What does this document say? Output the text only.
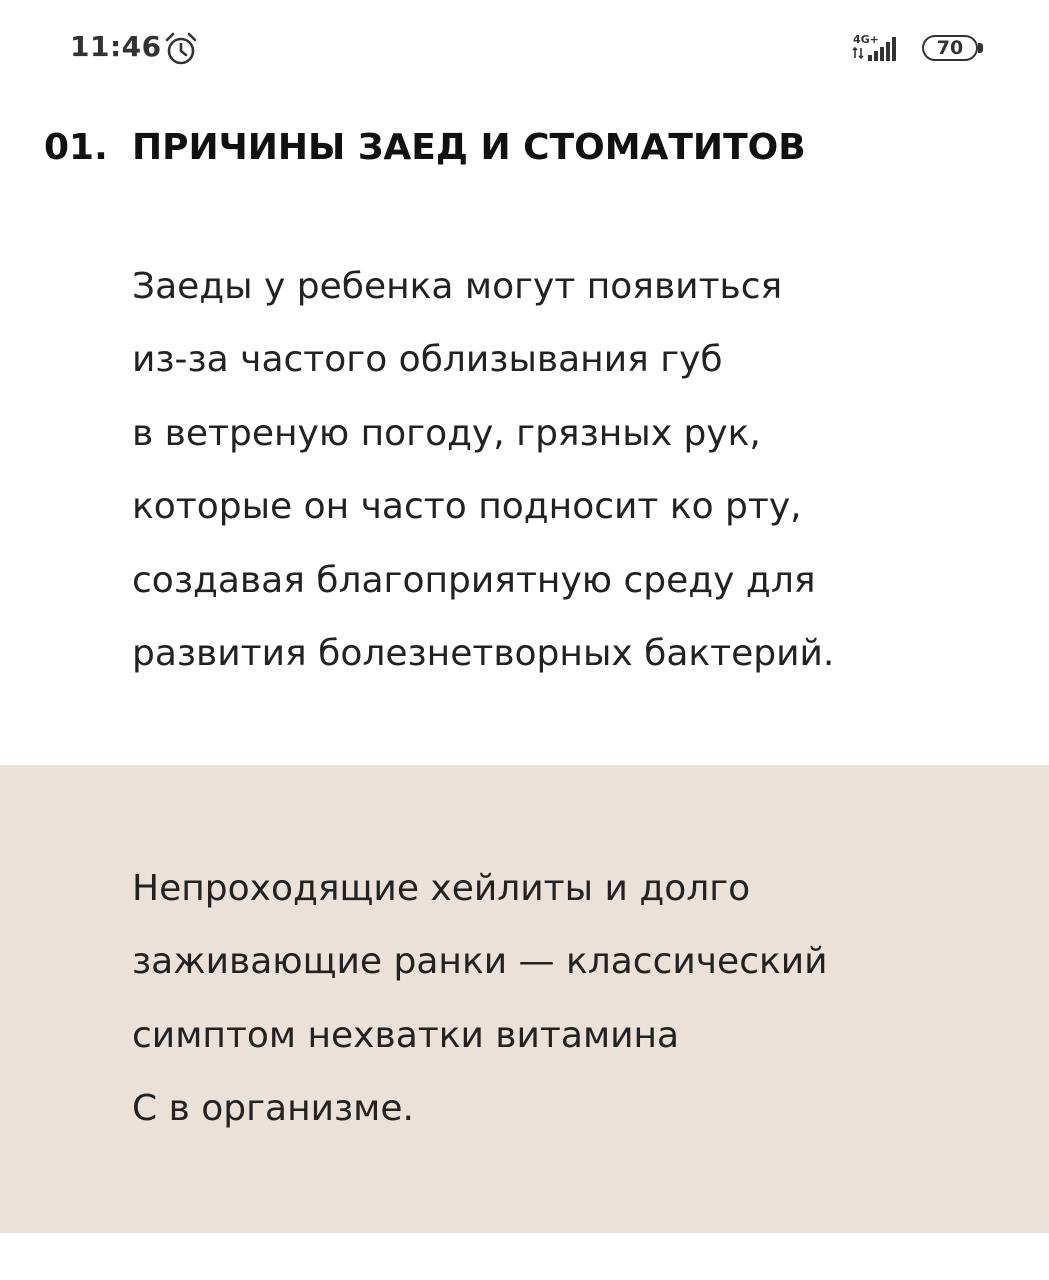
11:46	4G+	70
01. ПРИЧИНЫ ЗАЕД И СТОМАТИТОВ
Заеды у ребенка могут появиться
из-за частого облизывания губ
в ветреную погоду, грязных рук,
которые он часто подносит ко рту,
создавая благоприятную среду для
развития болезнетворных бактерий.
Непроходящие хейлиты и долго
заживающие ранки — классический
симптом нехватки витамина
С в организме.
